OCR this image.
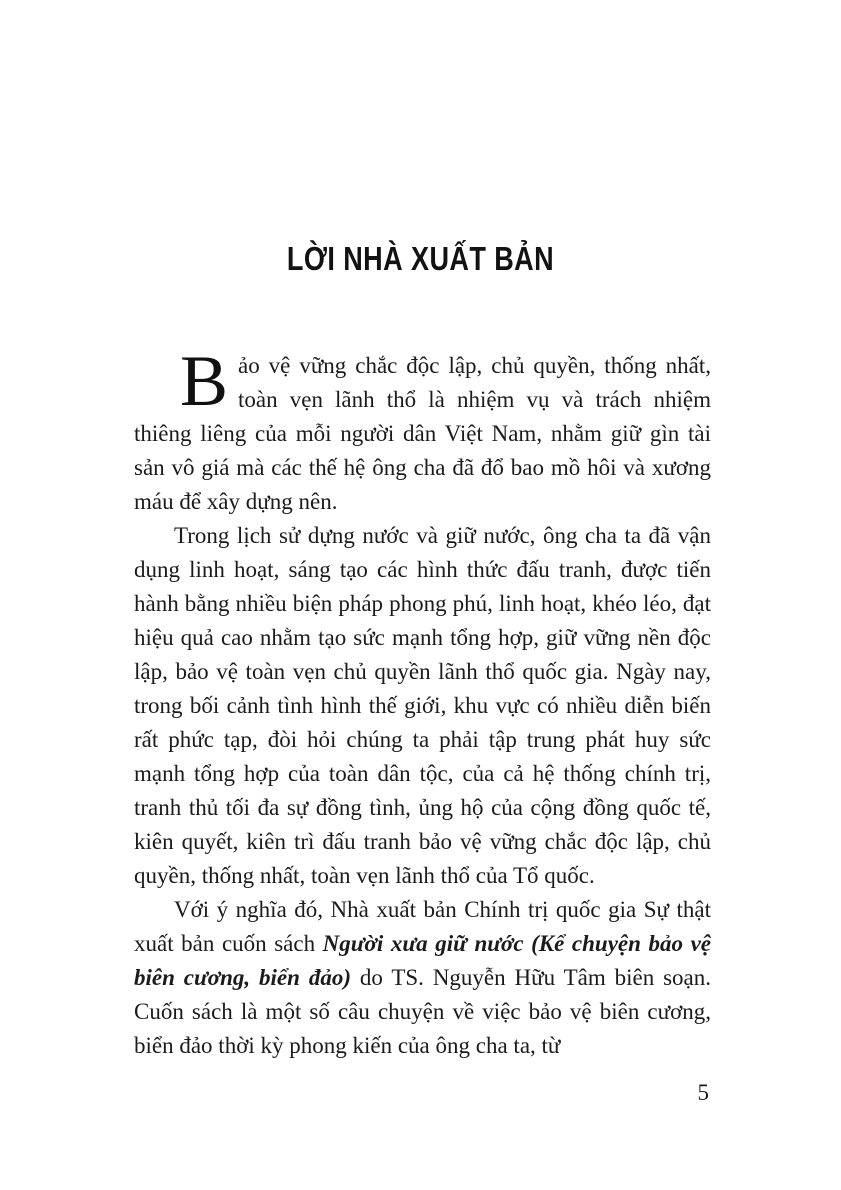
LỜI NHÀ XUẤT BẢN

Bảo vệ vững chắc độc lập, chủ quyền, thống nhất, toàn vẹn lãnh thổ là nhiệm vụ và trách nhiệm thiêng liêng của mỗi người dân Việt Nam, nhằm giữ gìn tài sản vô giá mà các thế hệ ông cha đã đổ bao mồ hôi và xương máu để xây dựng nên.

Trong lịch sử dựng nước và giữ nước, ông cha ta đã vận dụng linh hoạt, sáng tạo các hình thức đấu tranh, được tiến hành bằng nhiều biện pháp phong phú, linh hoạt, khéo léo, đạt hiệu quả cao nhằm tạo sức mạnh tổng hợp, giữ vững nền độc lập, bảo vệ toàn vẹn chủ quyền lãnh thổ quốc gia. Ngày nay, trong bối cảnh tình hình thế giới, khu vực có nhiều diễn biến rất phức tạp, đòi hỏi chúng ta phải tập trung phát huy sức mạnh tổng hợp của toàn dân tộc, của cả hệ thống chính trị, tranh thủ tối đa sự đồng tình, ủng hộ của cộng đồng quốc tế, kiên quyết, kiên trì đấu tranh bảo vệ vững chắc độc lập, chủ quyền, thống nhất, toàn vẹn lãnh thổ của Tổ quốc.

Với ý nghĩa đó, Nhà xuất bản Chính trị quốc gia Sự thật xuất bản cuốn sách Người xưa giữ nước (Kể chuyện bảo vệ biên cương, biển đảo) do TS. Nguyễn Hữu Tâm biên soạn. Cuốn sách là một số câu chuyện về việc bảo vệ biên cương, biển đảo thời kỳ phong kiến của ông cha ta, từ

5
